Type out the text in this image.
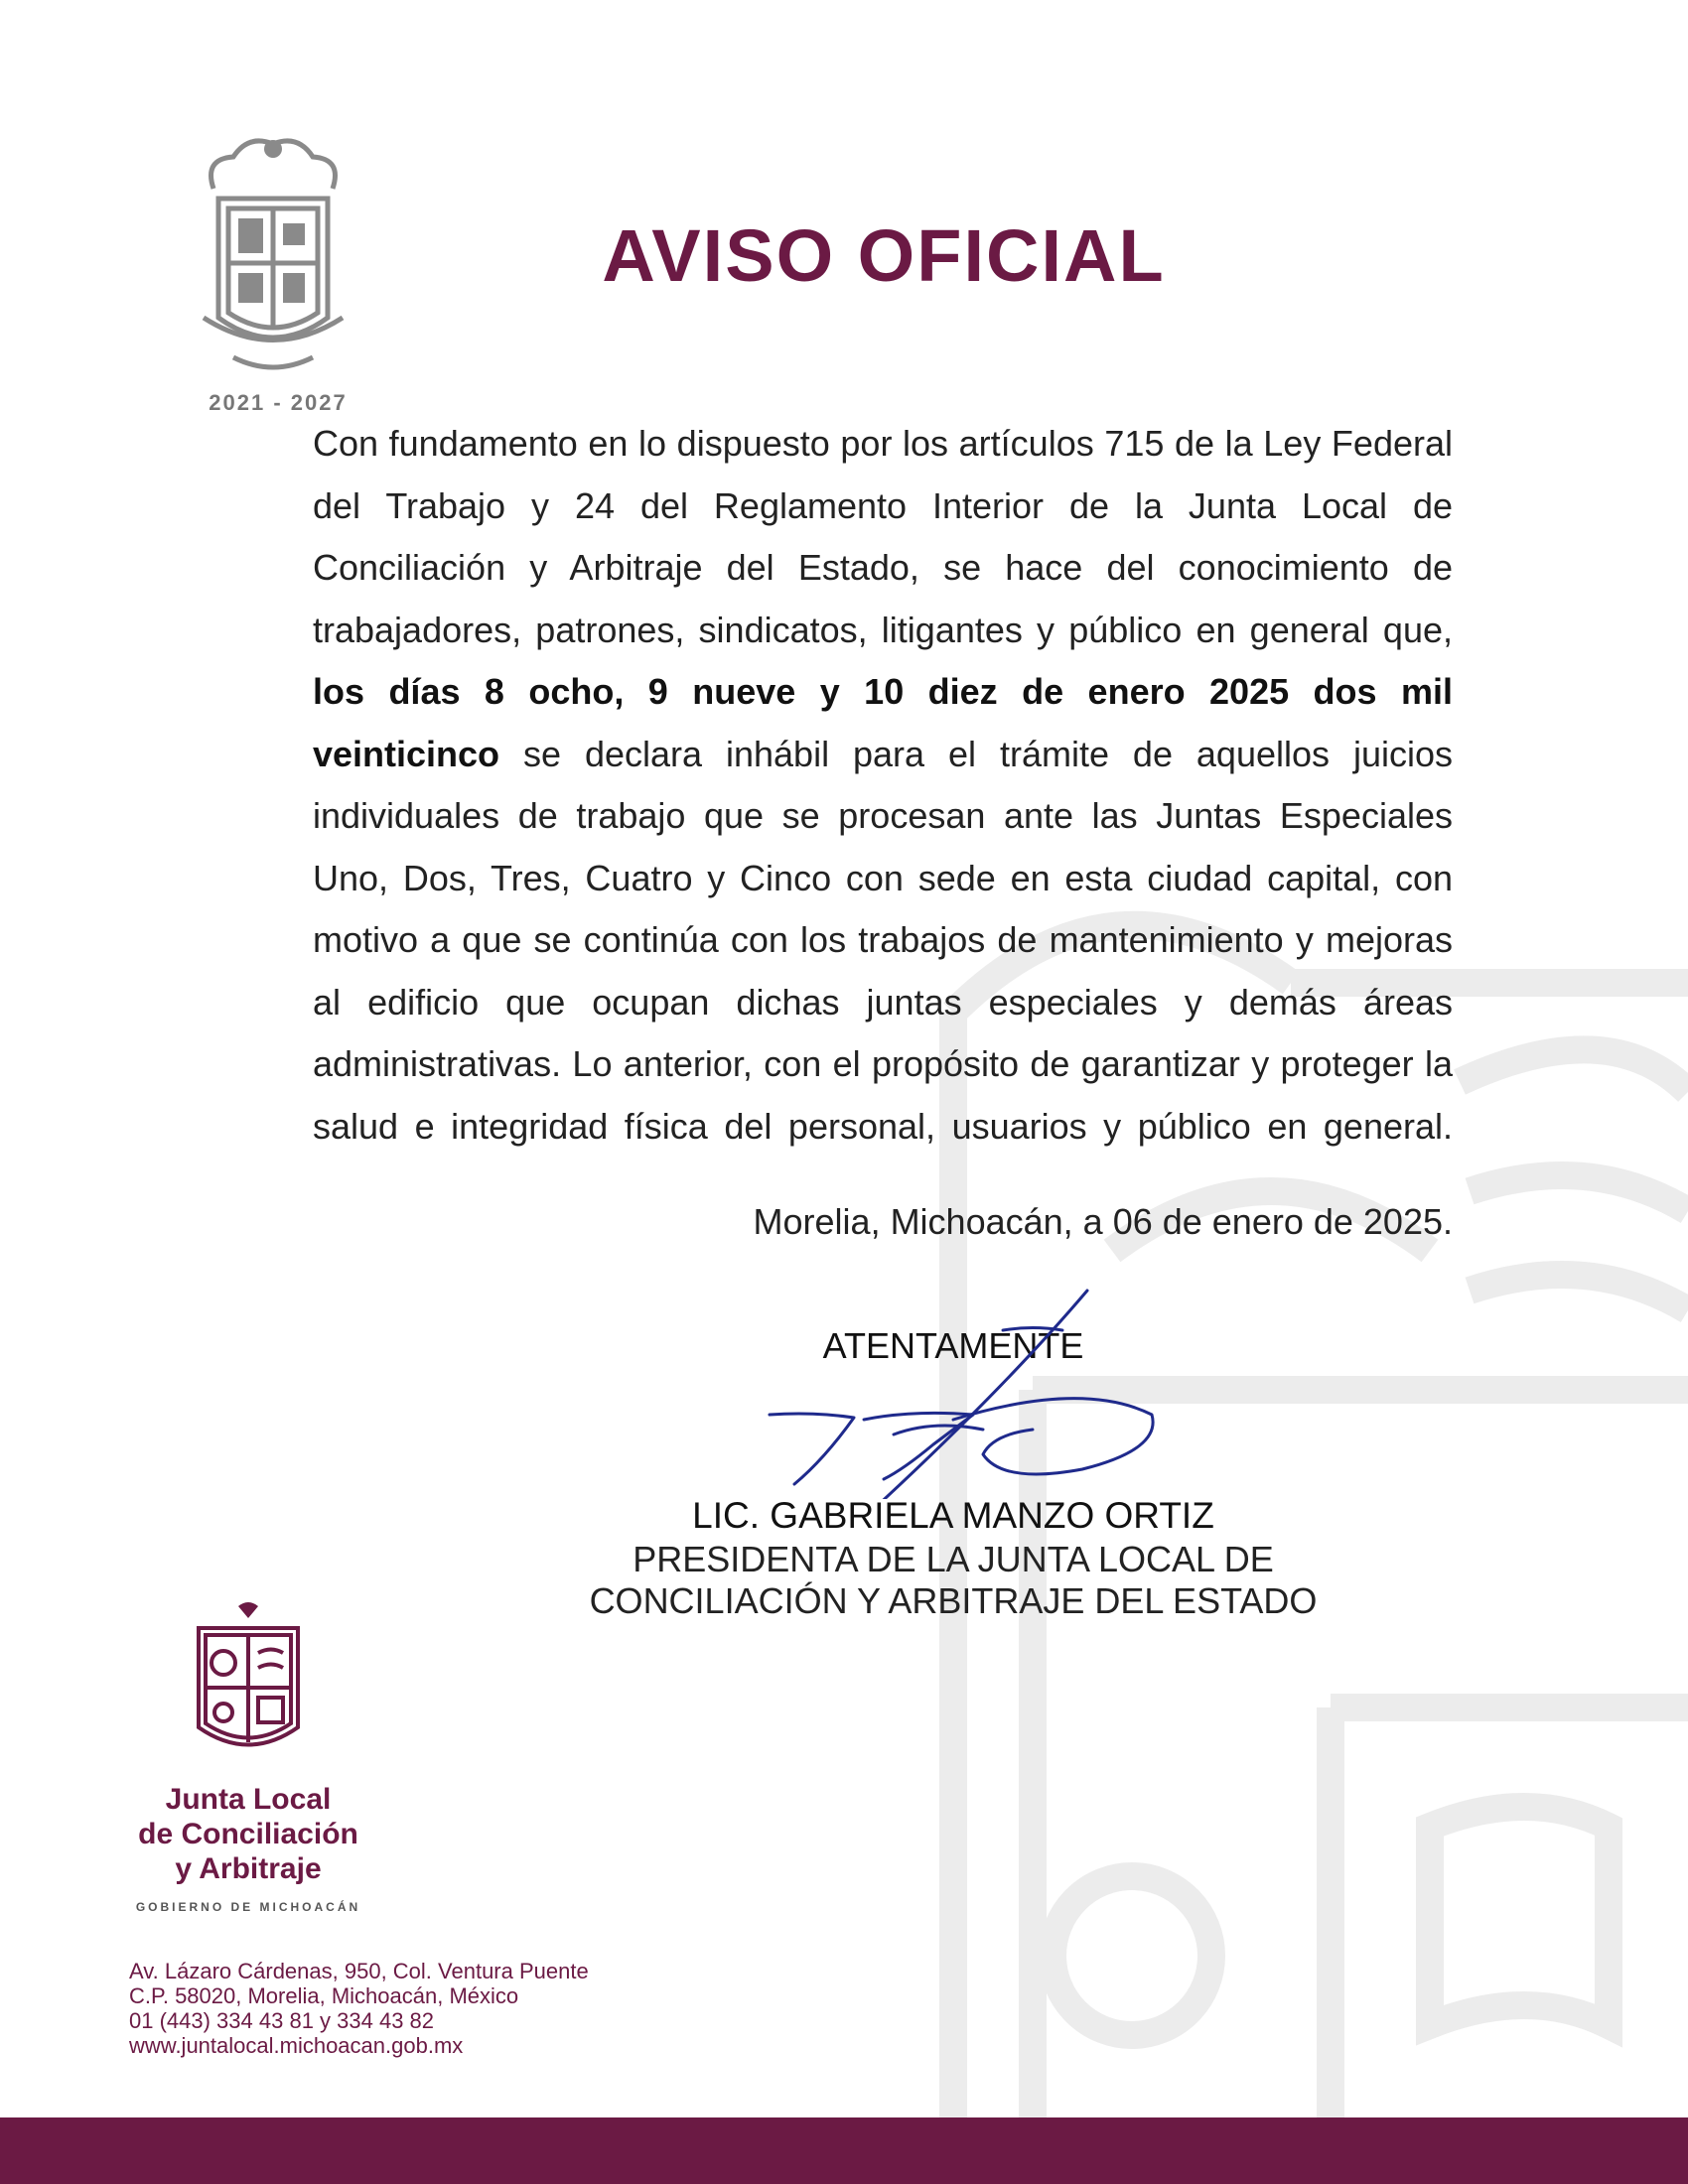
2021 - 2027
AVISO OFICIAL

Con fundamento en lo dispuesto por los artículos 715 de la Ley Federal del Trabajo y 24 del Reglamento Interior de la Junta Local de Conciliación y Arbitraje del Estado, se hace del conocimiento de trabajadores, patrones, sindicatos, litigantes y público en general que, los días 8 ocho, 9 nueve y 10 diez de enero 2025 dos mil veinticinco se declara inhábil para el trámite de aquellos juicios individuales de trabajo que se procesan ante las Juntas Especiales Uno, Dos, Tres, Cuatro y Cinco con sede en esta ciudad capital, con motivo a que se continúa con los trabajos de mantenimiento y mejoras al edificio que ocupan dichas juntas especiales y demás áreas administrativas. Lo anterior, con el propósito de garantizar y proteger la salud e integridad física del personal, usuarios y público en general.

Morelia, Michoacán, a 06 de enero de 2025.
ATENTAMENTE
LIC. GABRIELA MANZO ORTIZ
PRESIDENTA DE LA JUNTA LOCAL DE
CONCILIACIÓN Y ARBITRAJE DEL ESTADO
Junta Local
de Conciliación
y Arbitraje
GOBIERNO DE MICHOACÁN
Av. Lázaro Cárdenas, 950, Col. Ventura Puente
C.P. 58020, Morelia, Michoacán, México
01 (443) 334 43 81 y 334 43 82
www.juntalocal.michoacan.gob.mx
